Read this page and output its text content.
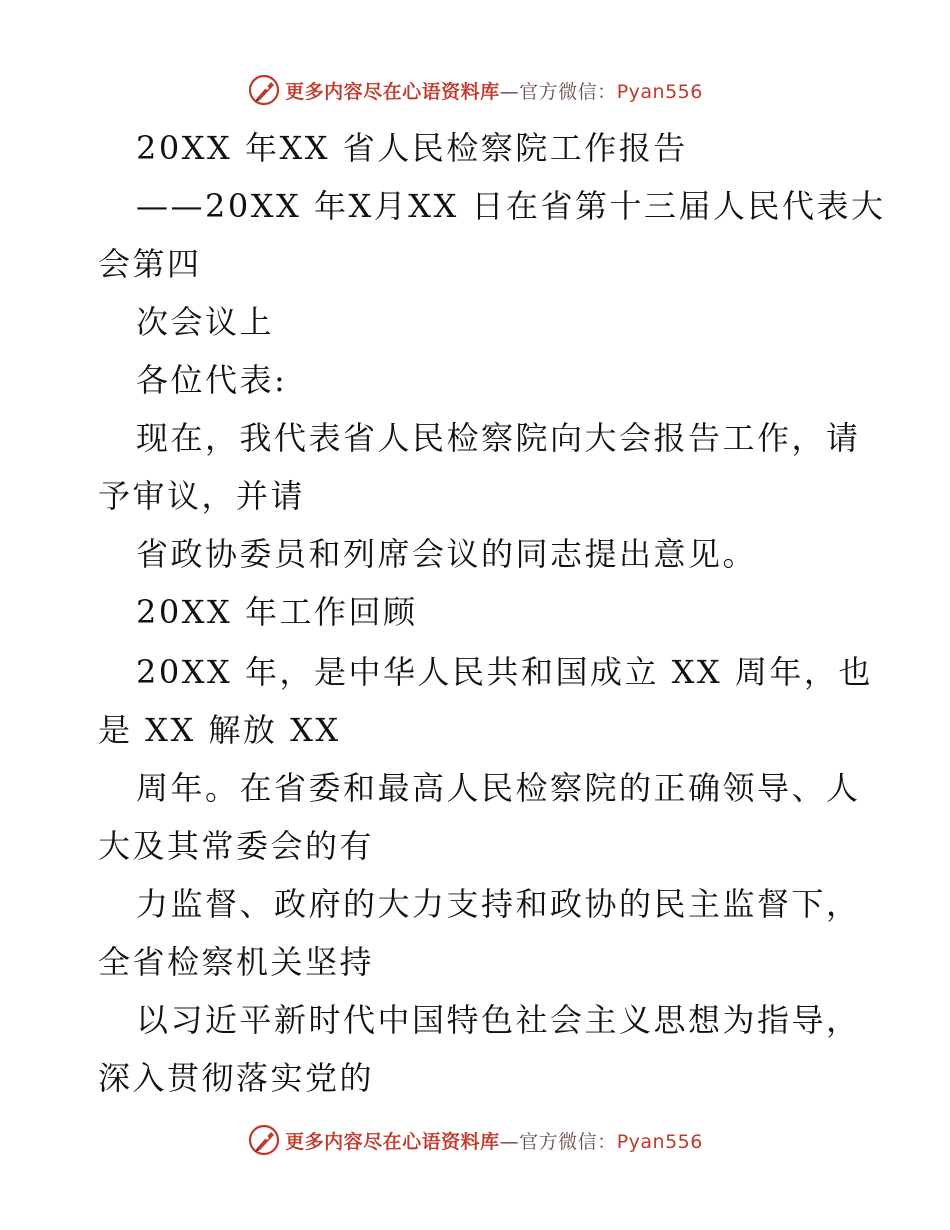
更多内容尽在心语资料库—官方微信：Pyan556

20XX 年XX 省人民检察院工作报告

——20XX 年X月XX 日在省第十三届人民代表大

会第四

次会议上

各位代表:

现在，我代表省人民检察院向大会报告工作，请

予审议，并请

省政协委员和列席会议的同志提出意见。

20XX 年工作回顾

20XX 年，是中华人民共和国成立 XX 周年，也

是 XX 解放 XX

周年。在省委和最高人民检察院的正确领导、人

大及其常委会的有

力监督、政府的大力支持和政协的民主监督下，

全省检察机关坚持

以习近平新时代中国特色社会主义思想为指导，

深入贯彻落实党的

更多内容尽在心语资料库—官方微信：Pyan556
